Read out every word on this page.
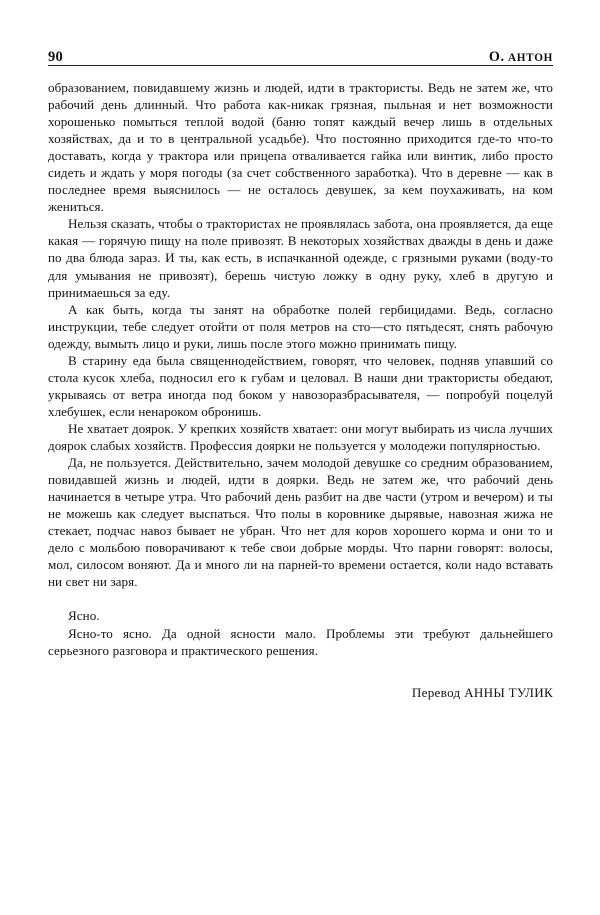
90	О. АНТОН

образованием, повидавшему жизнь и людей, идти в трактористы. Ведь не затем же, что рабочий день длинный. Что работа как-никак грязная, пыльная и нет возможности хорошенько помыться теплой водой (баню топят каждый вечер лишь в отдельных хозяйствах, да и то в центральной усадьбе). Что постоянно приходится где-то что-то доставать, когда у трактора или прицепа отваливается гайка или винтик, либо просто сидеть и ждать у моря погоды (за счет собственного заработка). Что в деревне — как в последнее время выяснилось — не осталось девушек, за кем поухаживать, на ком жениться.

Нельзя сказать, чтобы о трактористах не проявлялась забота, она проявляется, да еще какая — горячую пищу на поле привозят. В некоторых хозяйствах дважды в день и даже по два блюда зараз. И ты, как есть, в испачканной одежде, с грязными руками (воду-то для умывания не привозят), берешь чистую ложку в одну руку, хлеб в другую и принимаешься за еду.

А как быть, когда ты занят на обработке полей гербицидами. Ведь, согласно инструкции, тебе следует отойти от поля метров на сто—сто пятьдесят, снять рабочую одежду, вымыть лицо и руки, лишь после этого можно принимать пищу.

В старину еда была священнодействием, говорят, что человек, подняв упавший со стола кусок хлеба, подносил его к губам и целовал. В наши дни трактористы обедают, укрываясь от ветра иногда под боком у навозоразбрасывателя, — попробуй поцелуй хлебушек, если ненароком обронишь.

Не хватает доярок. У крепких хозяйств хватает: они могут выбирать из числа лучших доярок слабых хозяйств. Профессия доярки не пользуется у молодежи популярностью.

Да, не пользуется. Действительно, зачем молодой девушке со средним образованием, повидавшей жизнь и людей, идти в доярки. Ведь не затем же, что рабочий день начинается в четыре утра. Что рабочий день разбит на две части (утром и вечером) и ты не можешь как следует выспаться. Что полы в коровнике дырявые, навозная жижа не стекает, подчас навоз бывает не убран. Что нет для коров хорошего корма и они то и дело с мольбою поворачивают к тебе свои добрые морды. Что парни говорят: волосы, мол, силосом воняют. Да и много ли на парней-то времени остается, коли надо вставать ни свет ни заря.

Ясно.

Ясно-то ясно. Да одной ясности мало. Проблемы эти требуют дальнейшего серьезного разговора и практического решения.

Перевод АННЫ ТУЛИК
